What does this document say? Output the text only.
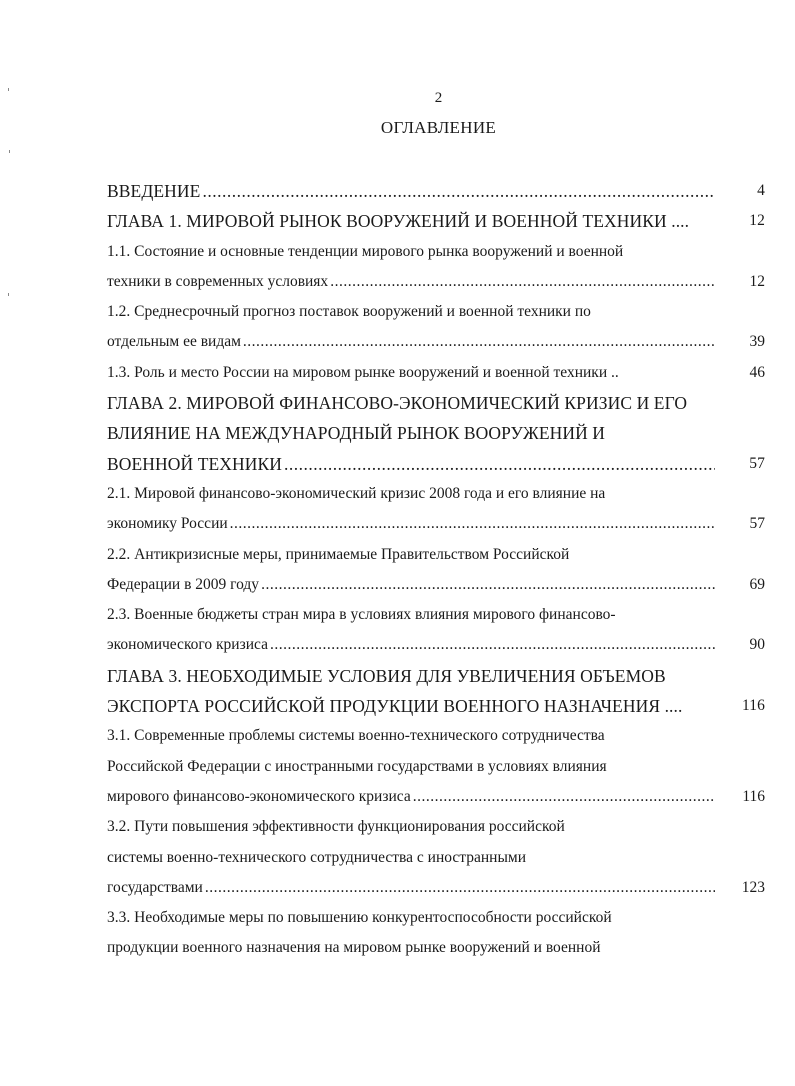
2
ОГЛАВЛЕНИЕ
ВВЕДЕНИЕ .....	4
ГЛАВА 1. МИРОВОЙ РЫНОК ВООРУЖЕНИЙ И ВОЕННОЙ ТЕХНИКИ ....	12
1.1. Состояние и основные тенденции мирового рынка вооружений и военной
техники в современных условиях .....	12
1.2. Среднесрочный прогноз поставок вооружений и военной техники по
отдельным ее видам .....	39
1.3. Роль и место России на мировом рынке вооружений и военной техники ..	46
ГЛАВА 2. МИРОВОЙ ФИНАНСОВО-ЭКОНОМИЧЕСКИЙ КРИЗИС И ЕГО
ВЛИЯНИЕ НА МЕЖДУНАРОДНЫЙ РЫНОК ВООРУЖЕНИЙ И
ВОЕННОЙ ТЕХНИКИ .....	57
2.1. Мировой финансово-экономический кризис 2008 года и его влияние на
экономику России .....	57
2.2. Антикризисные меры, принимаемые Правительством Российской
Федерации в 2009 году .....	69
2.3. Военные бюджеты стран мира в условиях влияния мирового финансово-
экономического кризиса .....	90
ГЛАВА 3. НЕОБХОДИМЫЕ УСЛОВИЯ ДЛЯ УВЕЛИЧЕНИЯ ОБЪЕМОВ
ЭКСПОРТА РОССИЙСКОЙ ПРОДУКЦИИ ВОЕННОГО НАЗНАЧЕНИЯ ....	116
3.1. Современные проблемы системы военно-технического сотрудничества
Российской Федерации с иностранными государствами в условиях влияния
мирового финансово-экономического кризиса .....	116
3.2. Пути повышения эффективности функционирования российской
системы военно-технического сотрудничества с иностранными
государствами .....	123
3.3. Необходимые меры по повышению конкурентоспособности российской
продукции военного назначения на мировом рынке вооружений и военной
